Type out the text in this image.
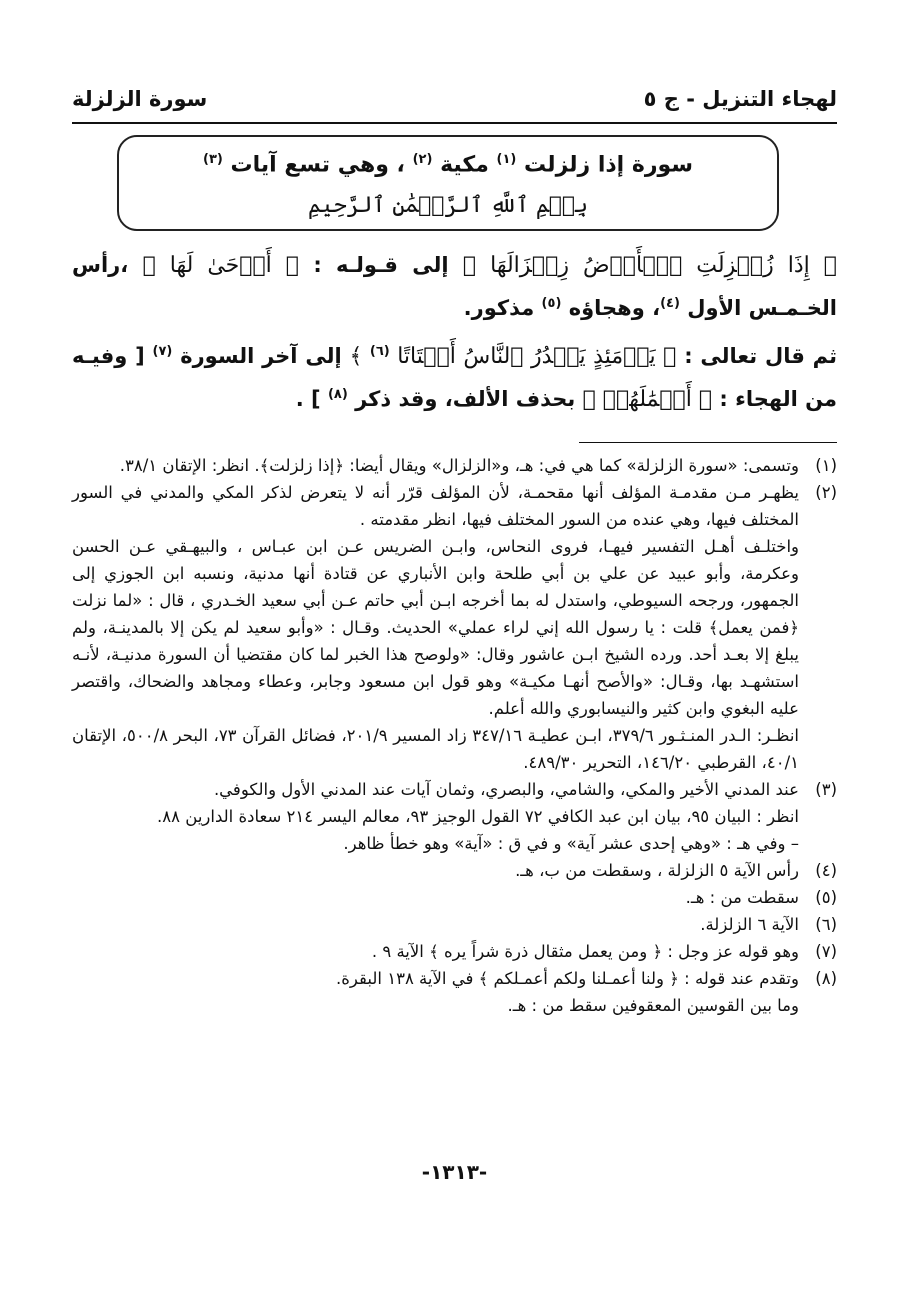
لهجاء التنزيل - ج ٥
سورة الزلزلة
سورة إذا زلزلت $^{(١)}$ مكية $^{(٢)}$ ، وهي تسع آيات $^{(٣)}$
بِسۡمِ ٱللَّهِ ٱلرَّحۡمَٰنِ ٱلرَّحِيمِ

﴿ إِذَا زُلۡزِلَتِ ٱلۡأَرۡضُ زِلۡزَالَهَا ﴾ إلى قـولـه : ﴿ أَوۡحَىٰ لَهَا ﴾ ،رأس الخـمـس الأول $^{(٤)}$، وهجاؤه $^{(٥)}$ مذكور.

ثم قال تعالى : ﴿ يَوۡمَئِذٍ يَصۡدُرُ ٱلنَّاسُ أَشۡتَاتًا $^{(٦)}$ ﴾ إلى آخر السورة $^{(٧)}$ [ وفيـه من الهجاء : ﴿ أَعۡمَٰلَهُمۡ ﴾ بحذف الألف، وقد ذكر $^{(٨)}$ ] .

(١)

وتسمى: «سورة الزلزلة» كما هي في: هـ، و«الزلزال» ويقال أيضا: ﴿إذا زلزلت﴾. انظر: الإتقان ٣٨/١.

(٢)

يظهـر مـن مقدمـة المؤلف أنها مقحمـة، لأن المؤلف قرّر أنه لا يتعرض لذكر المكي والمدني في السور المختلف فيها، وهي عنده من السور المختلف فيها، انظر مقدمته .

واختلـف أهـل التفسير فيهـا، فروى النحاس، وابـن الضريس عـن ابن عبـاس ، والبيهـقي عـن الحسن وعكرمة، وأبو عبيد عن علي بن أبي طلحة وابن الأنباري عن قتادة أنها مدنية، ونسبه ابن الجوزي إلى الجمهور، ورجحه السيوطي، واستدل له بما أخرجه ابـن أبي حاتم عـن أبي سعيد الخـدري ، قال : «لما نزلت ﴿فمن يعمل﴾ قلت : يا رسول الله إني لراء عملي» الحديث. وقـال : «وأبو سعيد لم يكن إلا بالمدينـة، ولم يبلغ إلا بعـد أحد. ورده الشيخ ابـن عاشور وقال: «ولوصح هذا الخبر لما كان مقتضيا أن السورة مدنيـة، لأنـه استشهـد بها، وقـال: «والأصح أنهـا مكيـة» وهو قول ابن مسعود وجابر، وعطاء ومجاهد والضحاك، واقتصر عليه البغوي وابن كثير والنيسابوري والله أعلم.

انظـر: الـدر المنـثـور ٣٧٩/٦، ابـن عطيـة ٣٤٧/١٦ زاد المسير ٢٠١/٩، فضائل القرآن ٧٣، البحر ٥٠٠/٨، الإتقان ٤٠/١، القرطبي ١٤٦/٢٠، التحرير ٤٨٩/٣٠.

(٣)

عند المدني الأخير والمكي، والشامي، والبصري، وثمان آيات عند المدني الأول والكوفي.

انظر : البيان ٩٥، بيان ابن عبد الكافي ٧٢ القول الوجيز ٩٣، معالم اليسر ٢١٤ سعادة الدارين ٨٨.

– وفي هـ : «وهي إحدى عشر آية» و في ق : «آية» وهو خطأ ظاهر.

(٤)

رأس الآية ٥ الزلزلة ، وسقطت من ب، هـ.

(٥)

سقطت من : هـ.

(٦)

الآية ٦ الزلزلة.

(٧)

وهو قوله عز وجل : ﴿ ومن يعمل مثقال ذرة شراً يره ﴾ الآية ٩ .

(٨)

وتقدم عند قوله : ﴿ ولنا أعمـلنا ولكم أعمـلكم ﴾ في الآية ١٣٨ البقرة.

وما بين القوسين المعقوفين سقط من : هـ.

-١٣١٣-
